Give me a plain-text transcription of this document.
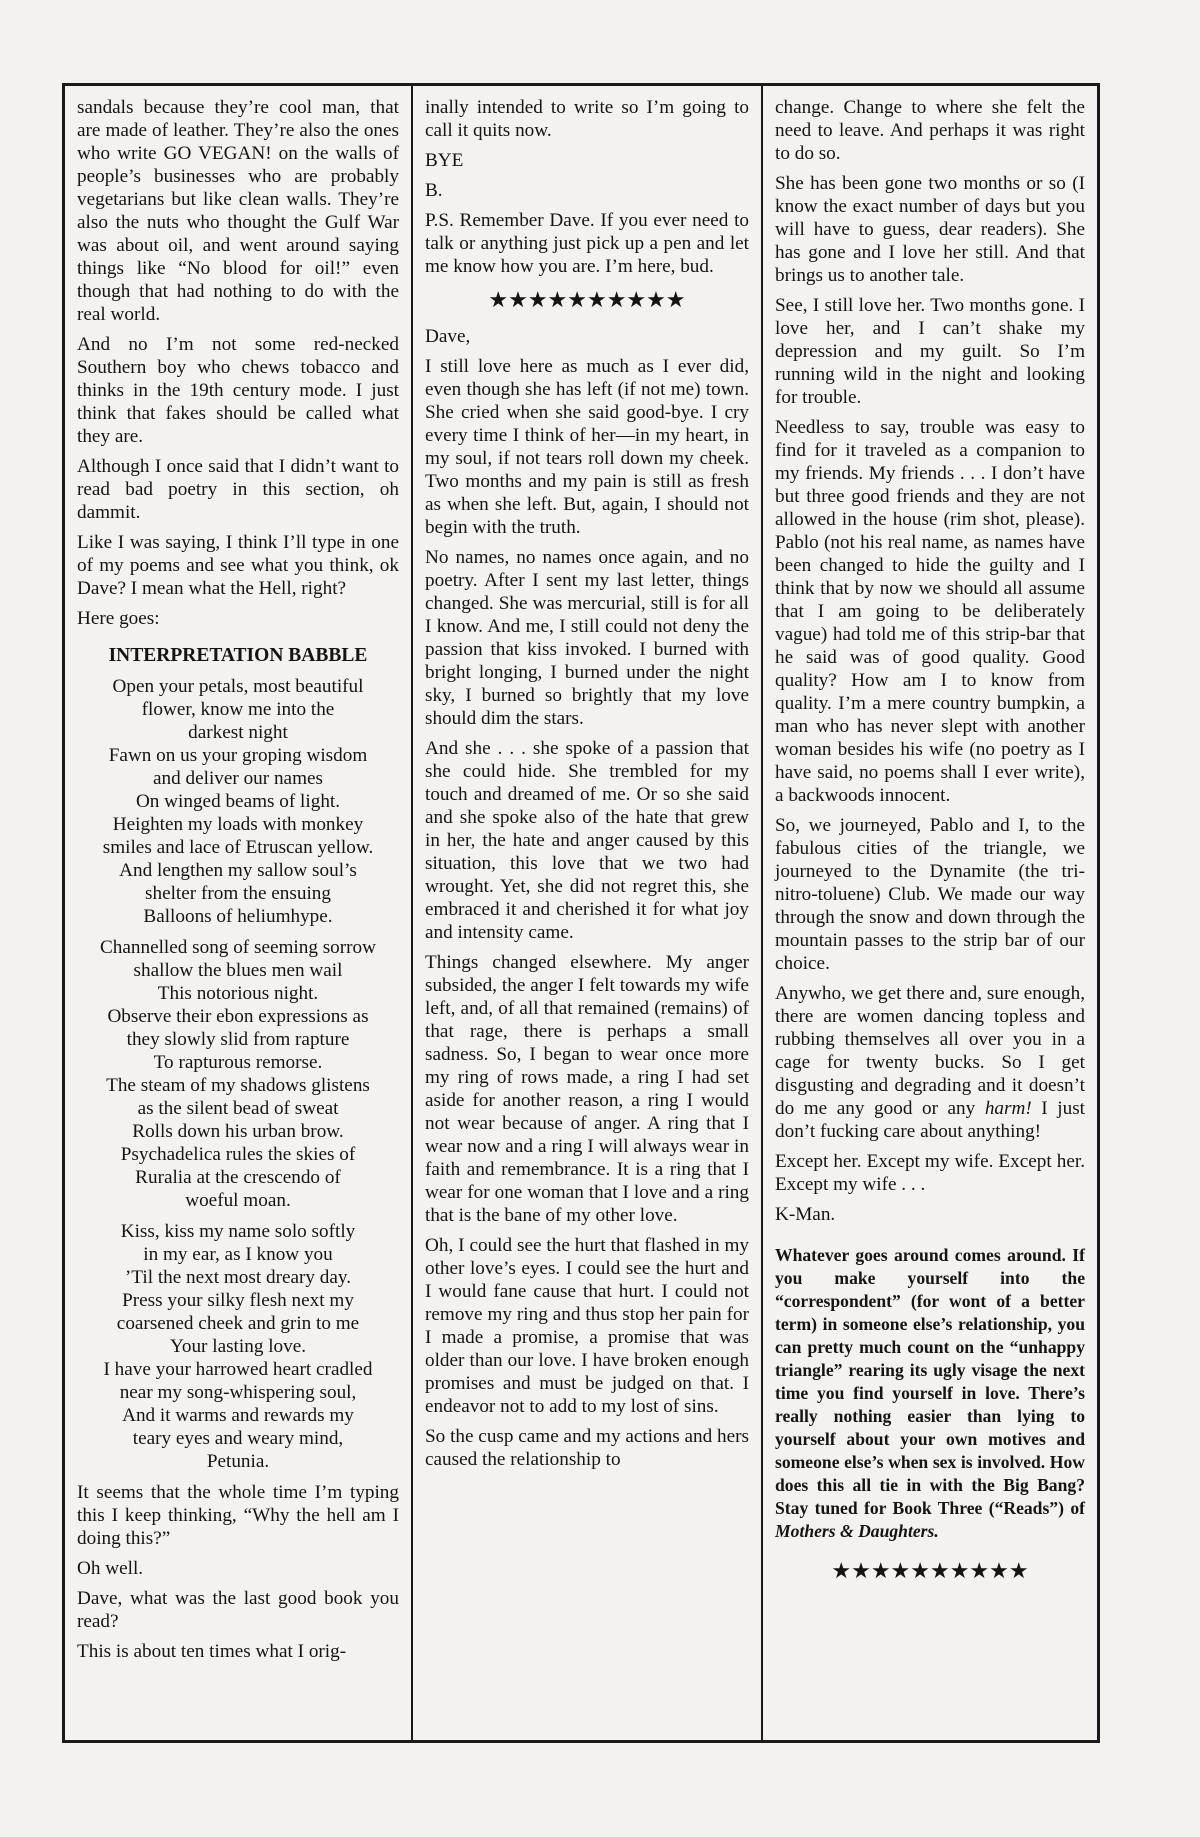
sandals because they’re cool man, that are made of leather. They’re also the ones who write GO VEGAN! on the walls of people’s businesses who are probably vegetarians but like clean walls. They’re also the nuts who thought the Gulf War was about oil, and went around saying things like “No blood for oil!” even though that had nothing to do with the real world.

And no I’m not some red-necked Southern boy who chews tobacco and thinks in the 19th century mode. I just think that fakes should be called what they are.

Although I once said that I didn’t want to read bad poetry in this section, oh dammit.

Like I was saying, I think I’ll type in one of my poems and see what you think, ok Dave? I mean what the Hell, right?

Here goes:

INTERPRETATION BABBLE
Open your petals, most beautiful
flower, know me into the
darkest night
Fawn on us your groping wisdom
and deliver our names
On winged beams of light.
Heighten my loads with monkey
smiles and lace of Etruscan yellow.
And lengthen my sallow soul’s
shelter from the ensuing
Balloons of heliumhype.
Channelled song of seeming sorrow
shallow the blues men wail
This notorious night.
Observe their ebon expressions as
they slowly slid from rapture
To rapturous remorse.
The steam of my shadows glistens
as the silent bead of sweat
Rolls down his urban brow.
Psychadelica rules the skies of
Ruralia at the crescendo of
woeful moan.
Kiss, kiss my name solo softly
in my ear, as I know you
’Til the next most dreary day.
Press your silky flesh next my
coarsened cheek and grin to me
Your lasting love.
I have your harrowed heart cradled
near my song-whispering soul,
And it warms and rewards my
teary eyes and weary mind,
Petunia.

It seems that the whole time I’m typing this I keep thinking, “Why the hell am I doing this?”

Oh well.

Dave, what was the last good book you read?

This is about ten times what I orig-

inally intended to write so I’m going to call it quits now.

BYE

B.

P.S. Remember Dave. If you ever need to talk or anything just pick up a pen and let me know how you are. I’m here, bud.

★★★★★★★★★★

Dave,

I still love here as much as I ever did, even though she has left (if not me) town. She cried when she said good-bye. I cry every time I think of her—in my heart, in my soul, if not tears roll down my cheek. Two months and my pain is still as fresh as when she left. But, again, I should not begin with the truth.

No names, no names once again, and no poetry. After I sent my last letter, things changed. She was mercurial, still is for all I know. And me, I still could not deny the passion that kiss invoked. I burned with bright longing, I burned under the night sky, I burned so brightly that my love should dim the stars.

And she . . . she spoke of a passion that she could hide. She trembled for my touch and dreamed of me. Or so she said and she spoke also of the hate that grew in her, the hate and anger caused by this situation, this love that we two had wrought. Yet, she did not regret this, she embraced it and cherished it for what joy and intensity came.

Things changed elsewhere. My anger subsided, the anger I felt towards my wife left, and, of all that remained (remains) of that rage, there is perhaps a small sadness. So, I began to wear once more my ring of rows made, a ring I had set aside for another reason, a ring I would not wear because of anger. A ring that I wear now and a ring I will always wear in faith and remembrance. It is a ring that I wear for one woman that I love and a ring that is the bane of my other love.

Oh, I could see the hurt that flashed in my other love’s eyes. I could see the hurt and I would fane cause that hurt. I could not remove my ring and thus stop her pain for I made a promise, a promise that was older than our love. I have broken enough promises and must be judged on that. I endeavor not to add to my lost of sins.

So the cusp came and my actions and hers caused the relationship to

change. Change to where she felt the need to leave. And perhaps it was right to do so.

She has been gone two months or so (I know the exact number of days but you will have to guess, dear readers). She has gone and I love her still. And that brings us to another tale.

See, I still love her. Two months gone. I love her, and I can’t shake my depression and my guilt. So I’m running wild in the night and looking for trouble.

Needless to say, trouble was easy to find for it traveled as a companion to my friends. My friends . . . I don’t have but three good friends and they are not allowed in the house (rim shot, please). Pablo (not his real name, as names have been changed to hide the guilty and I think that by now we should all assume that I am going to be deliberately vague) had told me of this strip-bar that he said was of good quality. Good quality? How am I to know from quality. I’m a mere country bumpkin, a man who has never slept with another woman besides his wife (no poetry as I have said, no poems shall I ever write), a backwoods innocent.

So, we journeyed, Pablo and I, to the fabulous cities of the triangle, we journeyed to the Dynamite (the tri-nitro-toluene) Club. We made our way through the snow and down through the mountain passes to the strip bar of our choice.

Anywho, we get there and, sure enough, there are women dancing topless and rubbing themselves all over you in a cage for twenty bucks. So I get disgusting and degrading and it doesn’t do me any good or any harm! I just don’t fucking care about anything!

Except her. Except my wife. Except her. Except my wife . . .

K-Man.

Whatever goes around comes around. If you make yourself into the “correspondent” (for wont of a better term) in someone else’s relationship, you can pretty much count on the “unhappy triangle” rearing its ugly visage the next time you find yourself in love. There’s really nothing easier than lying to yourself about your own motives and someone else’s when sex is involved. How does this all tie in with the Big Bang? Stay tuned for Book Three (“Reads”) of Mothers & Daughters.
★★★★★★★★★★
